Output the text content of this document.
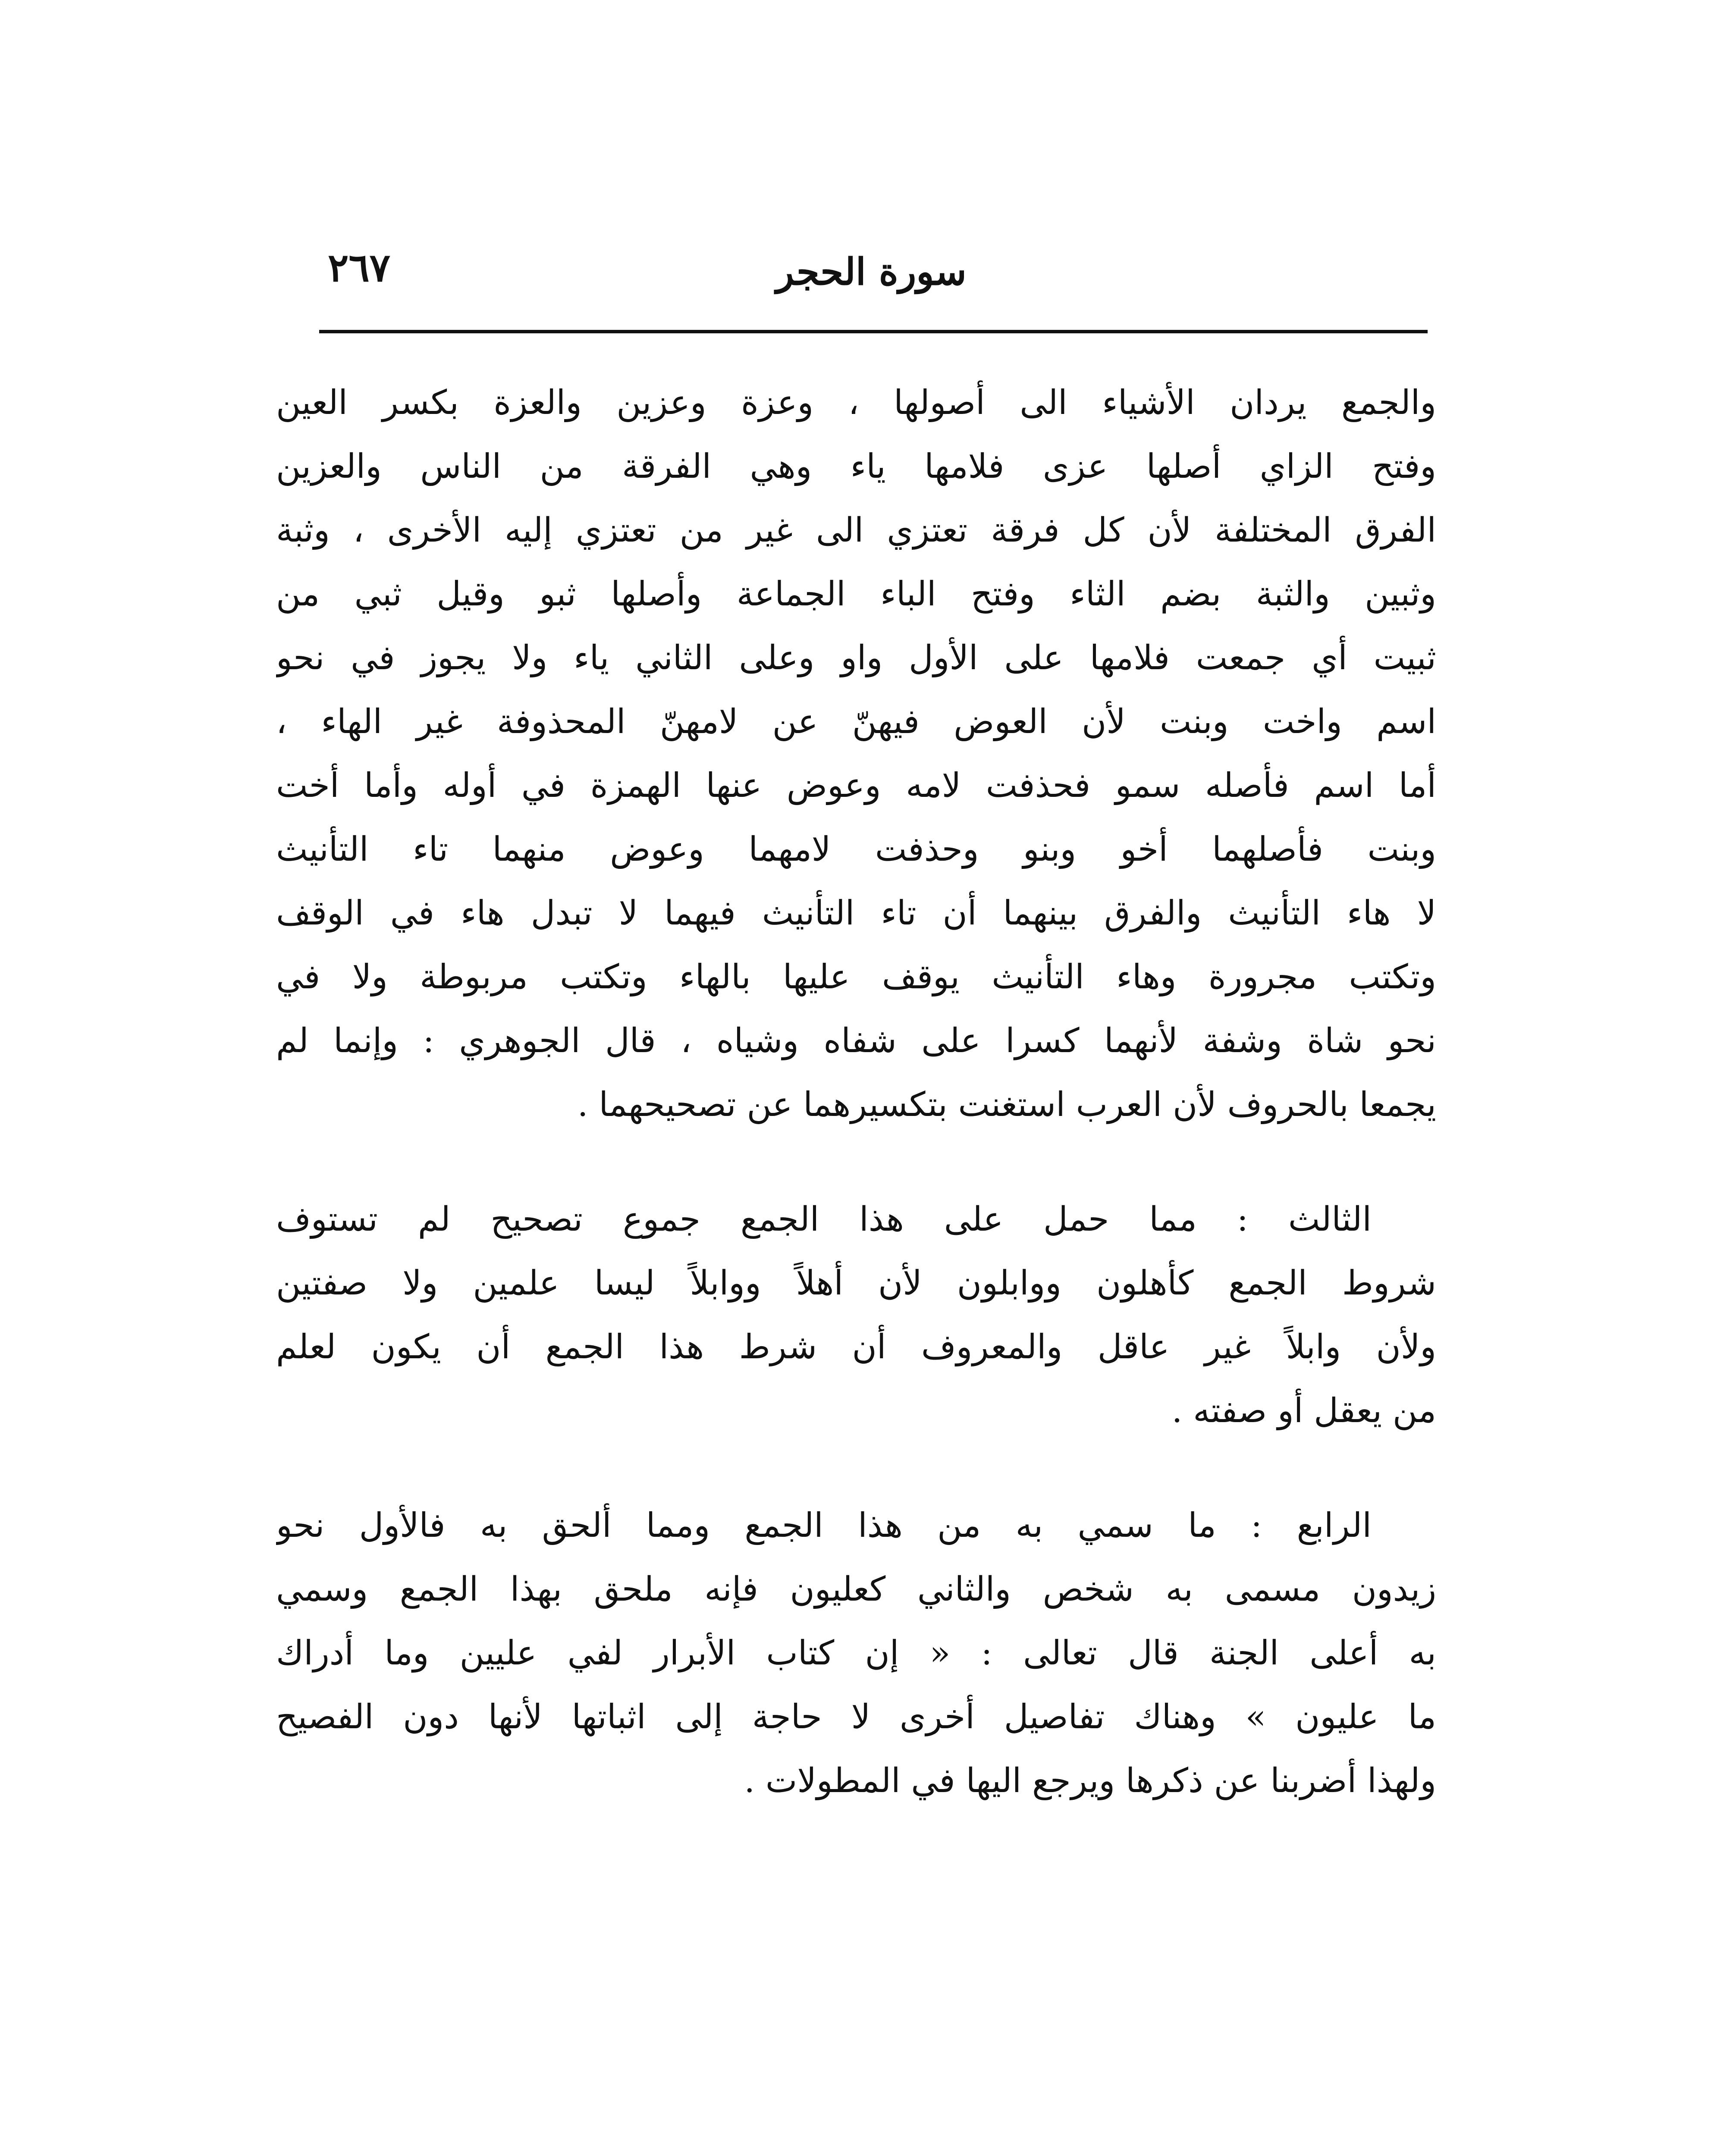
سورة الحجر
٢٦٧
والجمع يردان الأشياء الى أصولها ، وعزة وعزين والعزة بكسر العين
وفتح الزاي أصلها عزى فلامها ياء وهي الفرقة من الناس والعزين
الفرق المختلفة لأن كل فرقة تعتزي الى غير من تعتزي إليه الأخرى ، وثبة
وثبين والثبة بضم الثاء وفتح الباء الجماعة وأصلها ثبو وقيل ثبي من
ثبيت أي جمعت فلامها على الأول واو وعلى الثاني ياء ولا يجوز في نحو
اسم واخت وبنت لأن العوض فيهنّ عن لامهنّ المحذوفة غير الهاء ،
أما اسم فأصله سمو فحذفت لامه وعوض عنها الهمزة في أوله وأما أخت
وبنت فأصلهما أخو وبنو وحذفت لامهما وعوض منهما تاء التأنيث
لا هاء التأنيث والفرق بينهما أن تاء التأنيث فيهما لا تبدل هاء في الوقف
وتكتب مجرورة وهاء التأنيث يوقف عليها بالهاء وتكتب مربوطة ولا في
نحو شاة وشفة لأنهما كسرا على شفاه وشياه ، قال الجوهري : وإنما لم
يجمعا بالحروف لأن العرب استغنت بتكسيرهما عن تصحيحهما .
الثالث : مما حمل على هذا الجمع جموع تصحيح لم تستوف
شروط الجمع كأهلون ووابلون لأن أهلاً ووابلاً ليسا علمين ولا صفتين
ولأن وابلاً غير عاقل والمعروف أن شرط هذا الجمع أن يكون لعلم
من يعقل أو صفته .
الرابع : ما سمي به من هذا الجمع ومما ألحق به فالأول نحو
زيدون مسمى به شخص والثاني كعليون فإنه ملحق بهذا الجمع وسمي
به أعلى الجنة قال تعالى : « إن كتاب الأبرار لفي عليين وما أدراك
ما عليون » وهناك تفاصيل أخرى لا حاجة إلى اثباتها لأنها دون الفصيح
ولهذا أضربنا عن ذكرها ويرجع اليها في المطولات .
